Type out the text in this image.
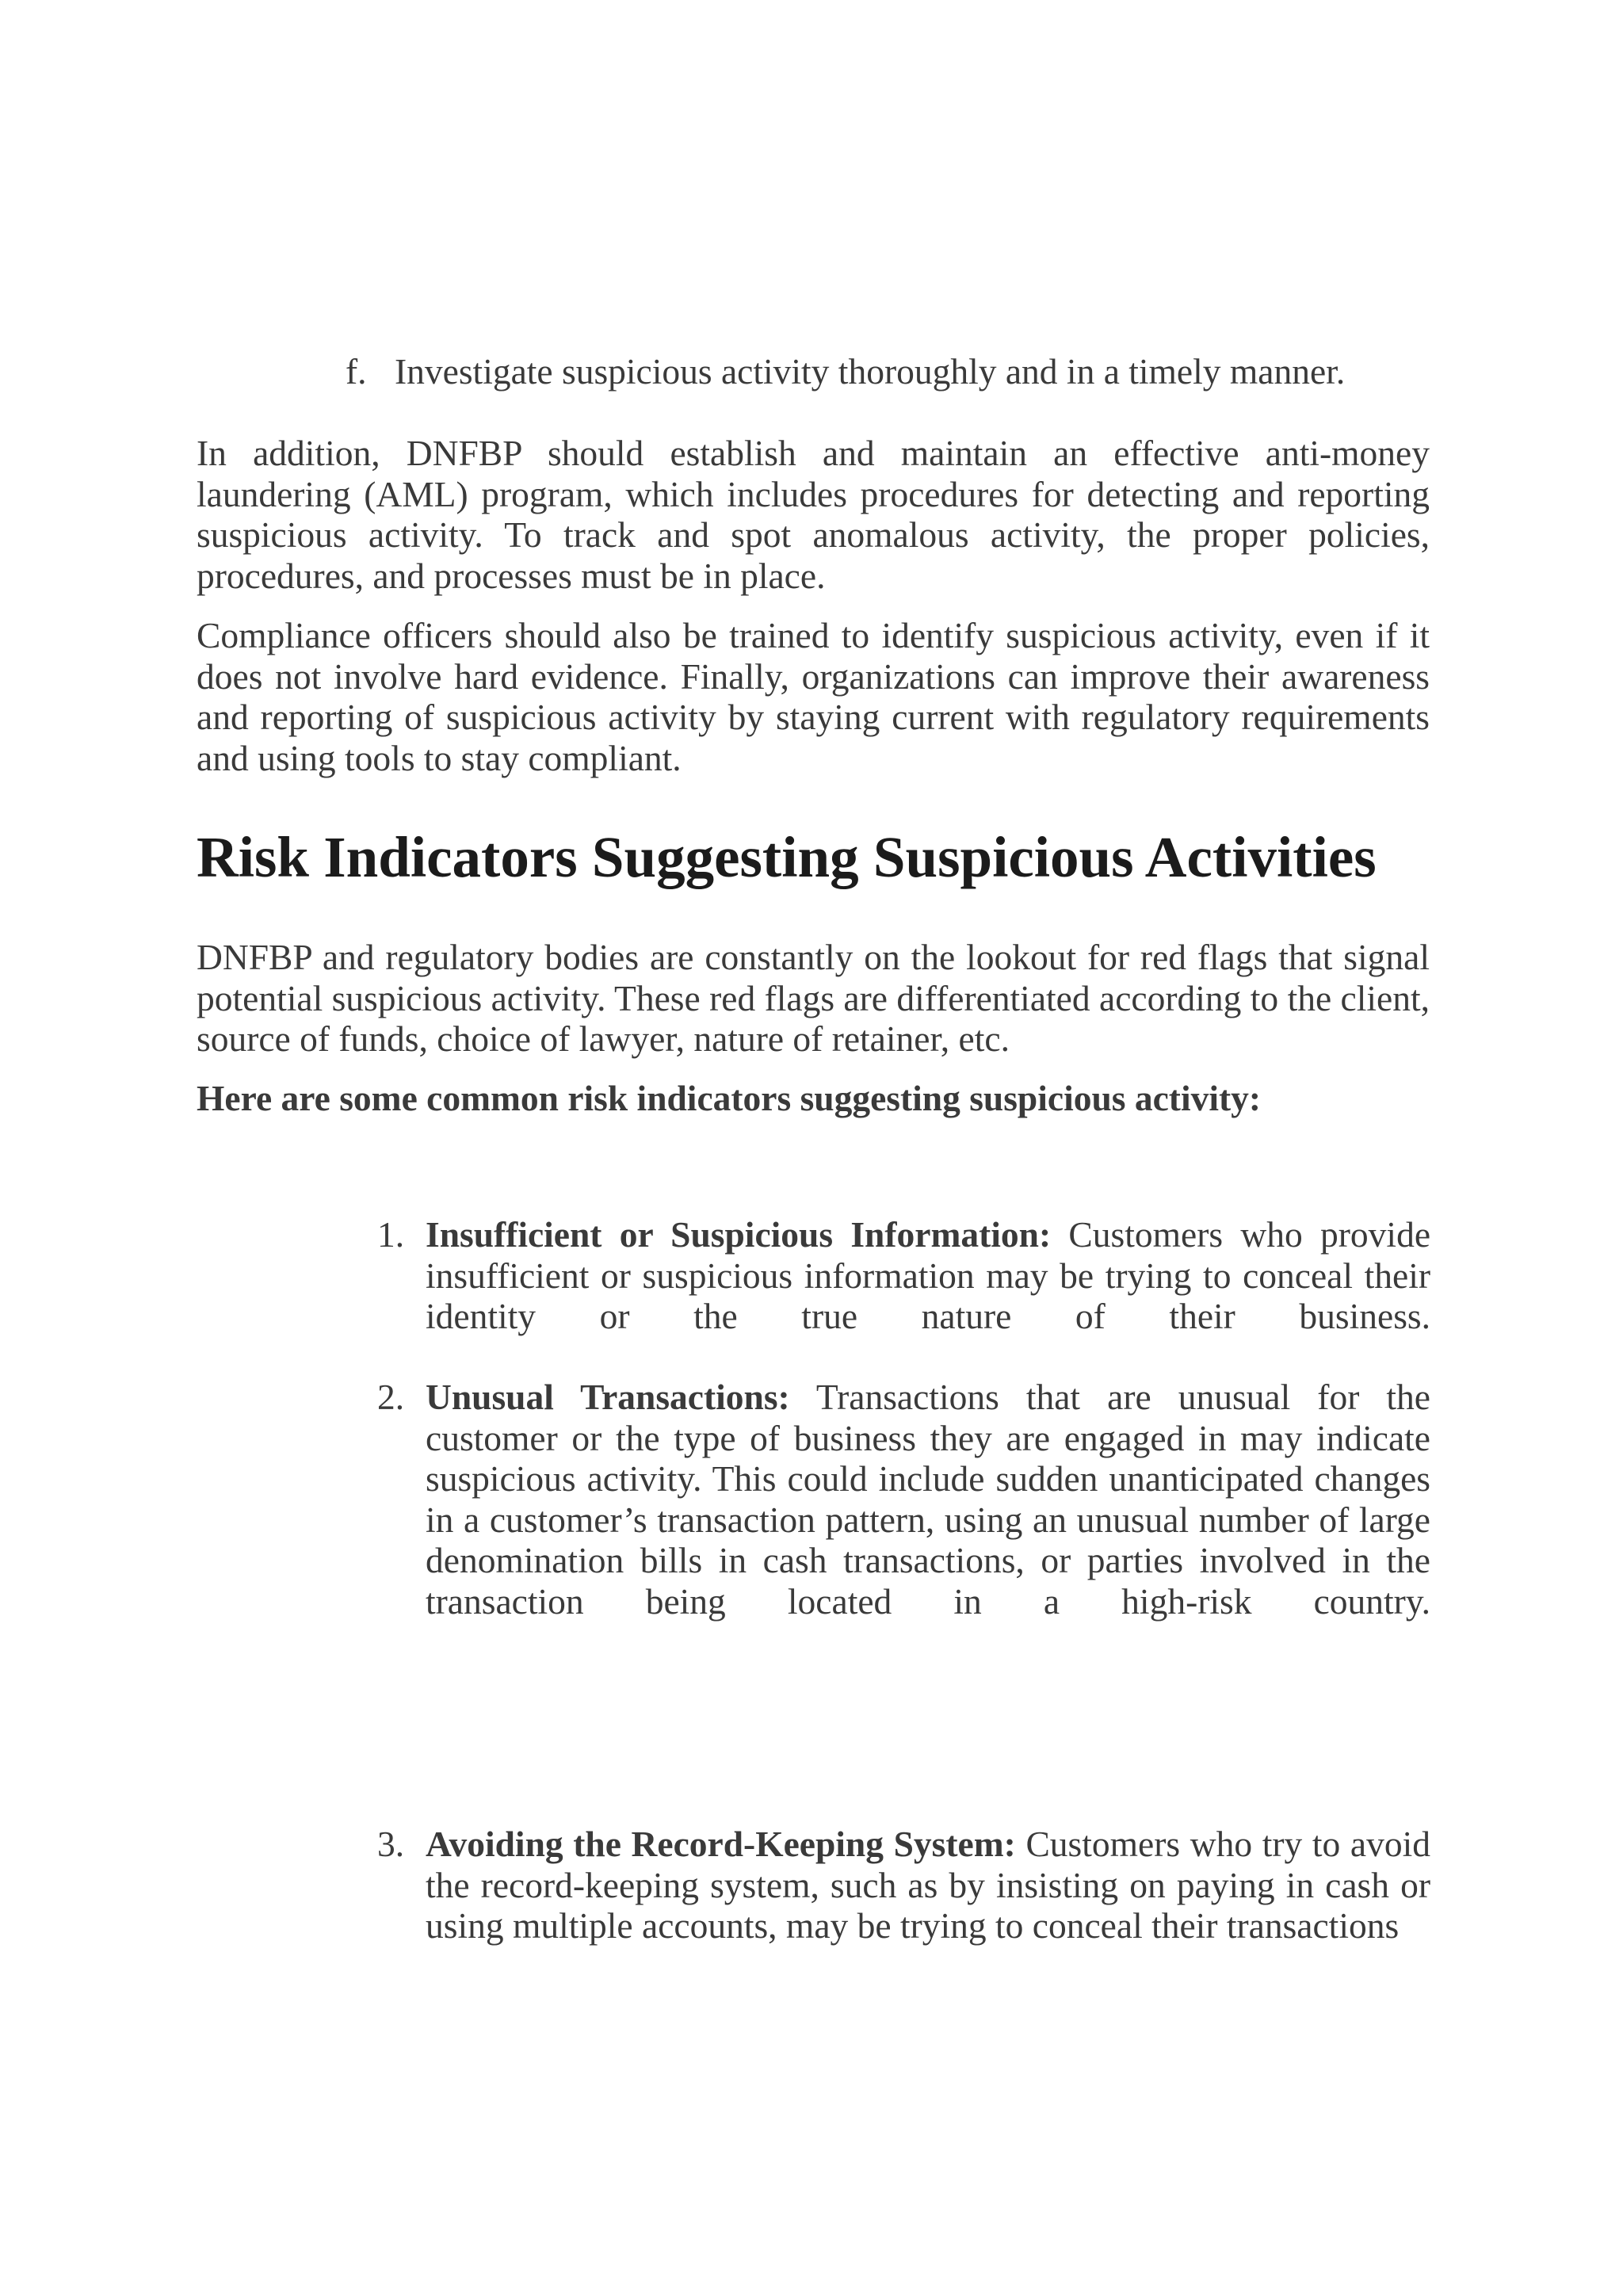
f. Investigate suspicious activity thoroughly and in a timely manner.

In addition, DNFBP should establish and maintain an effective anti-money laundering (AML) program, which includes procedures for detecting and reporting suspicious activity. To track and spot anomalous activity, the proper policies, procedures, and processes must be in place.

Compliance officers should also be trained to identify suspicious activity, even if it does not involve hard evidence. Finally, organizations can improve their awareness and reporting of suspicious activity by staying current with regulatory requirements and using tools to stay compliant.

Risk Indicators Suggesting Suspicious Activities

DNFBP and regulatory bodies are constantly on the lookout for red flags that signal potential suspicious activity. These red flags are differentiated according to the client, source of funds, choice of lawyer, nature of retainer, etc.

Here are some common risk indicators suggesting suspicious activity:
1. Insufficient or Suspicious Information: Customers who provide insufficient or suspicious information may be trying to conceal their identity or the true nature of their business.
2. Unusual Transactions: Transactions that are unusual for the customer or the type of business they are engaged in may indicate suspicious activity. This could include sudden unanticipated changes in a customer’s transaction pattern, using an unusual number of large denomination bills in cash transactions, or parties involved in the transaction being located in a high-risk country.
3. Avoiding the Record-Keeping System: Customers who try to avoid the record-keeping system, such as by insisting on paying in cash or using multiple accounts, may be trying to conceal their transactions
